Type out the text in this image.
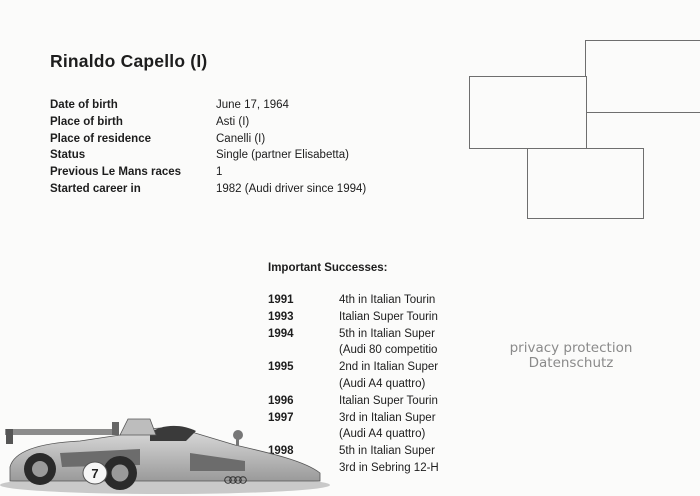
Rinaldo Capello (I)
Date of birth	June 17, 1964
Place of birth	Asti (I)
Place of residence	Canelli (I)
Status	Single (partner Elisabetta)
Previous Le Mans races	1
Started career in	1982 (Audi driver since 1994)
Important Successes:
1991	4th in Italian Tourin
1993	Italian Super Tourin
1994	5th in Italian Super
(Audi 80 competitio
1995	2nd in Italian Super
(Audi A4 quattro)
1996	Italian Super Tourin
1997	3rd in Italian Super
(Audi A4 quattro)
1998	5th in Italian Super
3rd in Sebring 12-H
privacy protection
Datenschutz
7
